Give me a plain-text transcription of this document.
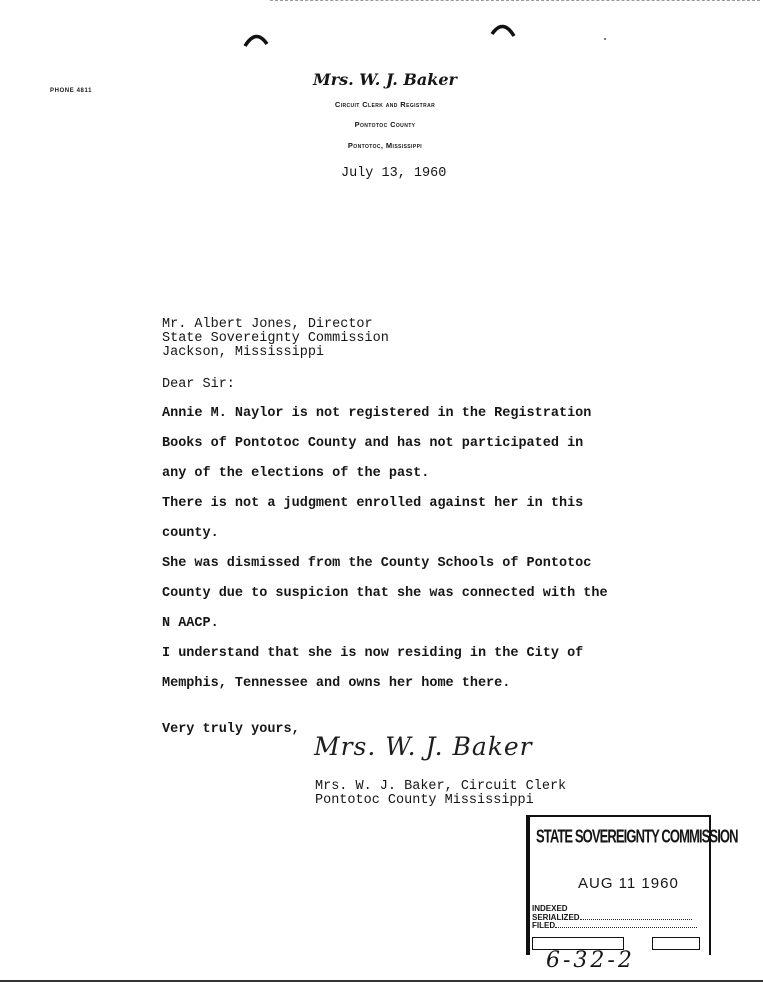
PHONE 4811
Mrs. W. J. Baker
Circuit Clerk and Registrar
Pontotoc County
Pontotoc, Mississippi
July 13, 1960
Mr. Albert Jones, Director
State Sovereignty Commission
Jackson, Mississippi
Dear Sir:
Annie M. Naylor is not registered in the Registration
Books of Pontotoc County and has not participated in
any of the elections of the past.
There is not a judgment enrolled against her in this
county.
She was dismissed from the County Schools of Pontotoc
County due to suspicion that she was connected with the
N AACP.
I understand that she is now residing in the City of
Memphis, Tennessee and owns her home there.
Very truly yours,
Mrs. W. J. Baker
Mrs. W. J. Baker, Circuit Clerk
Pontotoc County Mississippi
STATE SOVEREIGNTY COMMISSION
AUG 11 1960
INDEXED
SERIALIZED
FILED
6-32-2
